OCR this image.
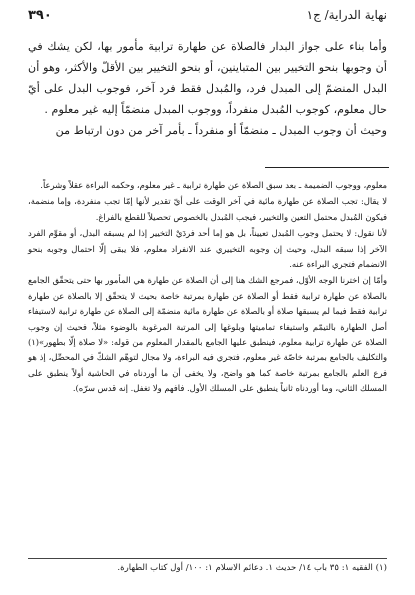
نهاية الدراية/ ج١
٣٩٠

وأما بناء على جواز البدار فالصلاة عن طهارة ترابية مأمور بها، لكن يشك في أن وجوبها بنحو التخيير بين المتباينين، أو بنحو التخيير بين الأقلّ والأكثر، وهو أن البدل المنضمّ إلى المبدل فرد، والمُبدل فقط فرد آخر، فوجوب البدل على أيّ حال معلوم، كوجوب المُبدل منفرداً، ووجوب المبدل منضمّاً إليه غير معلوم .

وحيث أن وجوب المبدل ـ منضمّاً أو منفرداً ـ بأمر آخر من دون ارتباط من

معلوم، ووجوب الضميمة ـ بعد سبق الصلاة عن طهارة ترابية ـ غير معلوم، وحكمه البراءة عقلاً وشرعاً.

لا يقال: تجب الصلاة عن طهارة مائية في آخر الوقت على أيّ تقدير لأنها إمّا تجب منفردة، وإما منضمة، فيكون المُبدل محتمل التعين والتخيير، فيجب المُبدل بالخصوص تحصيلاً للقطع بالفراغ.

لأنا نقول: لا يحتمل وجوب المُبدل تعييناً، بل هو إما أحد فردَيْ التخيير إذا لم يسبقه البدل، أو مقوِّم الفرد الآخر إذا سبقه البدل، وحيث إن وجوبه التخييري عند الانفراد معلوم، فلا يبقى إلّا احتمال وجوبه بنحو الانضمام فتجري البراءة عنه.

وأمّا إن اخترنا الوجه الأوّل، فمرجع الشك هنا إلى أن الصلاة عن طهارة هي المأمور بها حتى يتحقّق الجامع بالصلاة عن طهارة ترابية فقط أو الصلاة عن طهارة بمرتبة خاصة بحيث لا يتحقّق إلا بالصلاة عن طهارة ترابية فقط فيما لم يسبقها صلاة أو بالصلاة عن طهارة مائية منضمّة إلى الصلاة عن طهارة ترابية لاستيفاء أصل الطهارة بالتيمّم واستيفاء تماميتها وبلوغها إلى المرتبة المرغوبة بالوضوء مثلاً، فحيث إن وجوب الصلاة عن طهارة ترابية معلوم، فينطبق عليها الجامع بالمقدار المعلوم من قوله: «لا صلاة إلّا بطهور»(١) والتكليف بالجامع بمرتبة خاصّة غير معلوم، فتجري فيه البراءة، ولا مجال لتوهّم الشكّ في المحصِّل، إذ هو فرع العلم بالجامع بمرتبة خاصة كما هو واضح، ولا يخفى أن ما أوردناه في الحاشية أولاً ينطبق على المسلك الثاني، وما أوردناه ثانياً ينطبق على المسلك الأول. فافهم ولا تغفل. إنه قدس سرّه).

(١) الفقيه ١: ٣٥ باب ١٤/ حديث ١. دعائم الاسلام ١: ١٠٠/ أول كتاب الطهارة.
